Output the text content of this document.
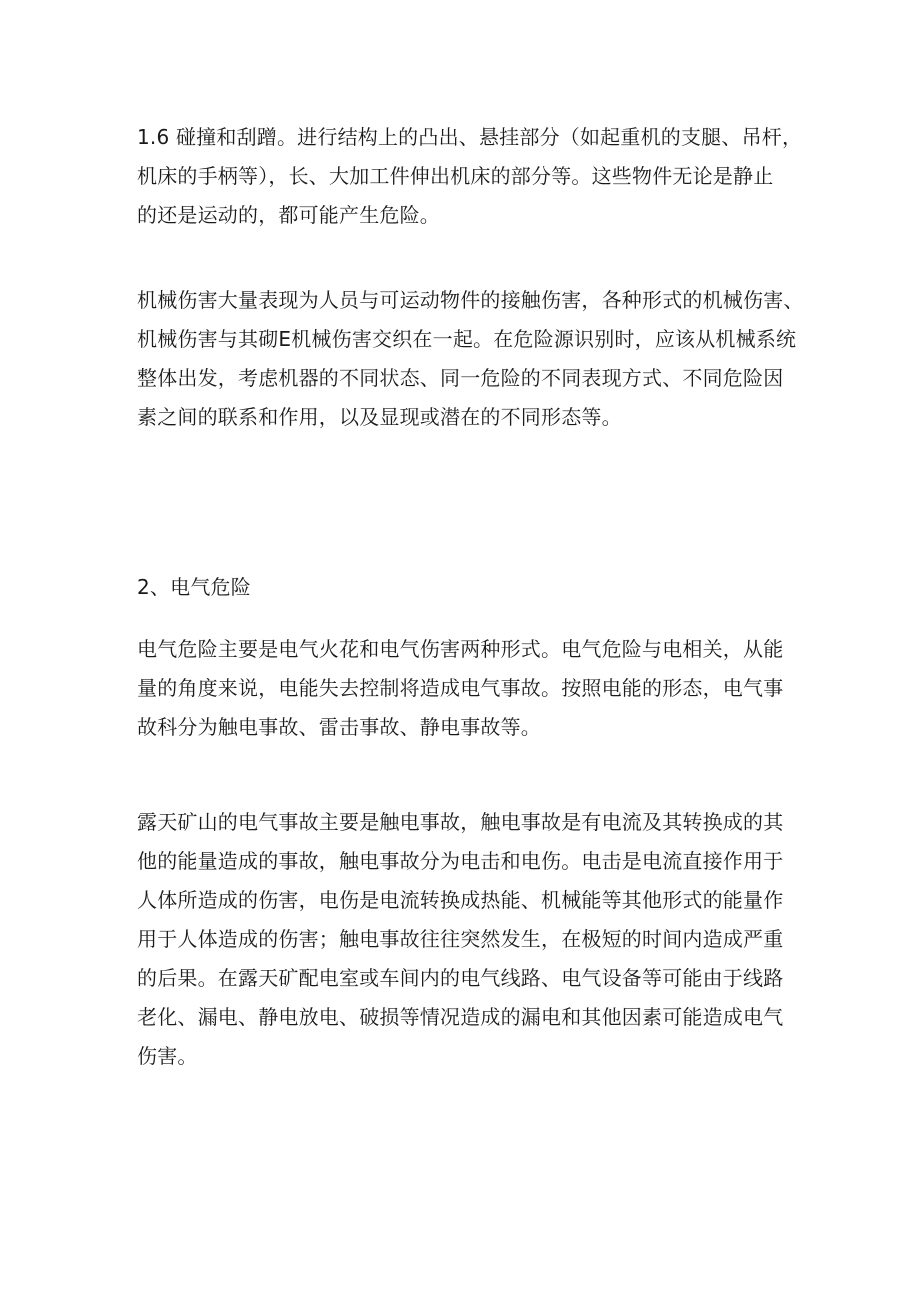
1.6 碰撞和刮蹭。进行结构上的凸出、悬挂部分（如起重机的支腿、吊杆，
机床的手柄等），长、大加工件伸出机床的部分等。这些物件无论是静止
的还是运动的，都可能产生危险。

机械伤害大量表现为人员与可运动物件的接触伤害，各种形式的机械伤害、
机械伤害与其砌E机械伤害交织在一起。在危险源识别时，应该从机械系统
整体出发，考虑机器的不同状态、同一危险的不同表现方式、不同危险因
素之间的联系和作用，以及显现或潜在的不同形态等。

2、电气危险

电气危险主要是电气火花和电气伤害两种形式。电气危险与电相关，从能
量的角度来说，电能失去控制将造成电气事故。按照电能的形态，电气事
故科分为触电事故、雷击事故、静电事故等。

露天矿山的电气事故主要是触电事故，触电事故是有电流及其转换成的其
他的能量造成的事故，触电事故分为电击和电伤。电击是电流直接作用于
人体所造成的伤害，电伤是电流转换成热能、机械能等其他形式的能量作
用于人体造成的伤害；触电事故往往突然发生，在极短的时间内造成严重
的后果。在露天矿配电室或车间内的电气线路、电气设备等可能由于线路
老化、漏电、静电放电、破损等情况造成的漏电和其他因素可能造成电气
伤害。
